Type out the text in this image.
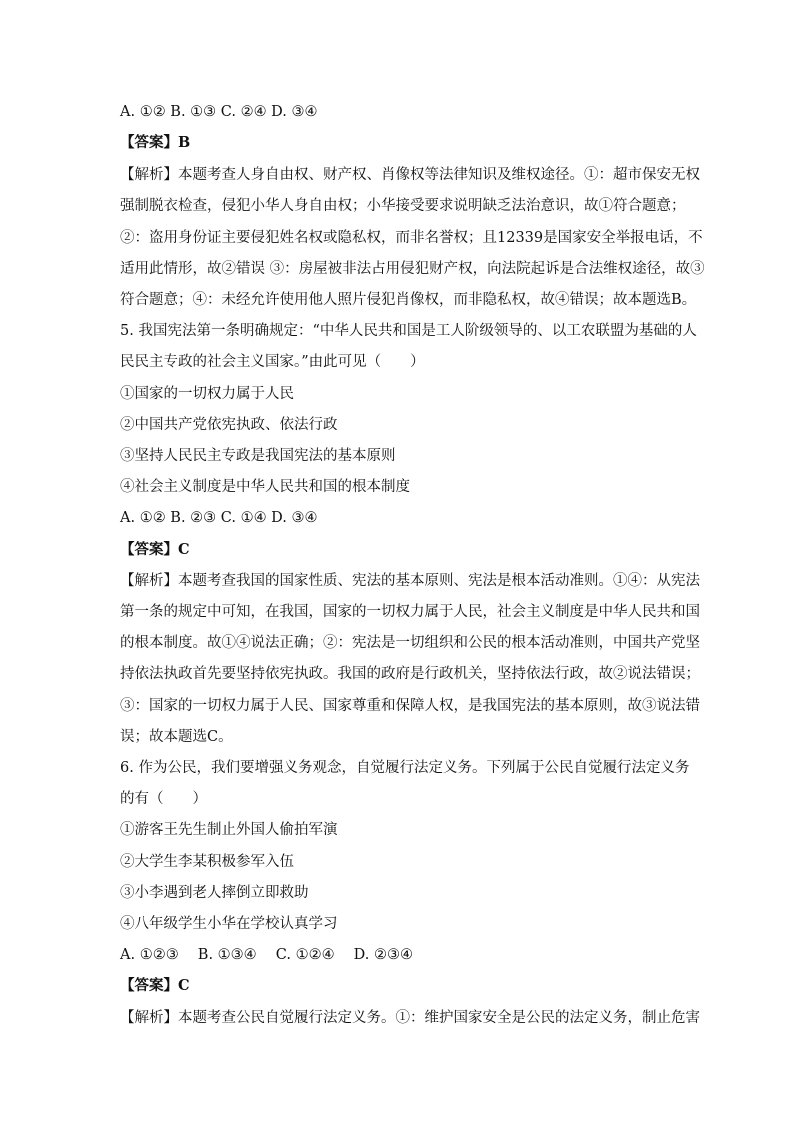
A. ①② B. ①③ C. ②④ D. ③④
【答案】B
【解析】本题考查人身自由权、财产权、肖像权等法律知识及维权途径。①：超市保安无权
强制脱衣检查，侵犯小华人身自由权；小华接受要求说明缺乏法治意识，故①符合题意；
②：盗用身份证主要侵犯姓名权或隐私权，而非名誉权；且12339是国家安全举报电话，不
适用此情形，故②错误 ③：房屋被非法占用侵犯财产权，向法院起诉是合法维权途径，故③
符合题意；④：未经允许使用他人照片侵犯肖像权，而非隐私权，故④错误；故本题选B。
5. 我国宪法第一条明确规定：“中华人民共和国是工人阶级领导的、以工农联盟为基础的人
民民主专政的社会主义国家。”由此可见（　　）
①国家的一切权力属于人民
②中国共产党依宪执政、依法行政
③坚持人民民主专政是我国宪法的基本原则
④社会主义制度是中华人民共和国的根本制度
A. ①② B. ②③ C. ①④ D. ③④
【答案】C
【解析】本题考查我国的国家性质、宪法的基本原则、宪法是根本活动准则。①④：从宪法
第一条的规定中可知，在我国，国家的一切权力属于人民，社会主义制度是中华人民共和国
的根本制度。故①④说法正确；②：宪法是一切组织和公民的根本活动准则，中国共产党坚
持依法执政首先要坚持依宪执政。我国的政府是行政机关，坚持依法行政，故②说法错误；
③：国家的一切权力属于人民、国家尊重和保障人权，是我国宪法的基本原则，故③说法错
误；故本题选C。
6. 作为公民，我们要增强义务观念，自觉履行法定义务。下列属于公民自觉履行法定义务
的有（　　）
①游客王先生制止外国人偷拍军演
②大学生李某积极参军入伍
③小李遇到老人摔倒立即救助
④八年级学生小华在学校认真学习
A. ①②③　 B. ①③④　 C. ①②④　 D. ②③④
【答案】C
【解析】本题考查公民自觉履行法定义务。①：维护国家安全是公民的法定义务，制止危害
